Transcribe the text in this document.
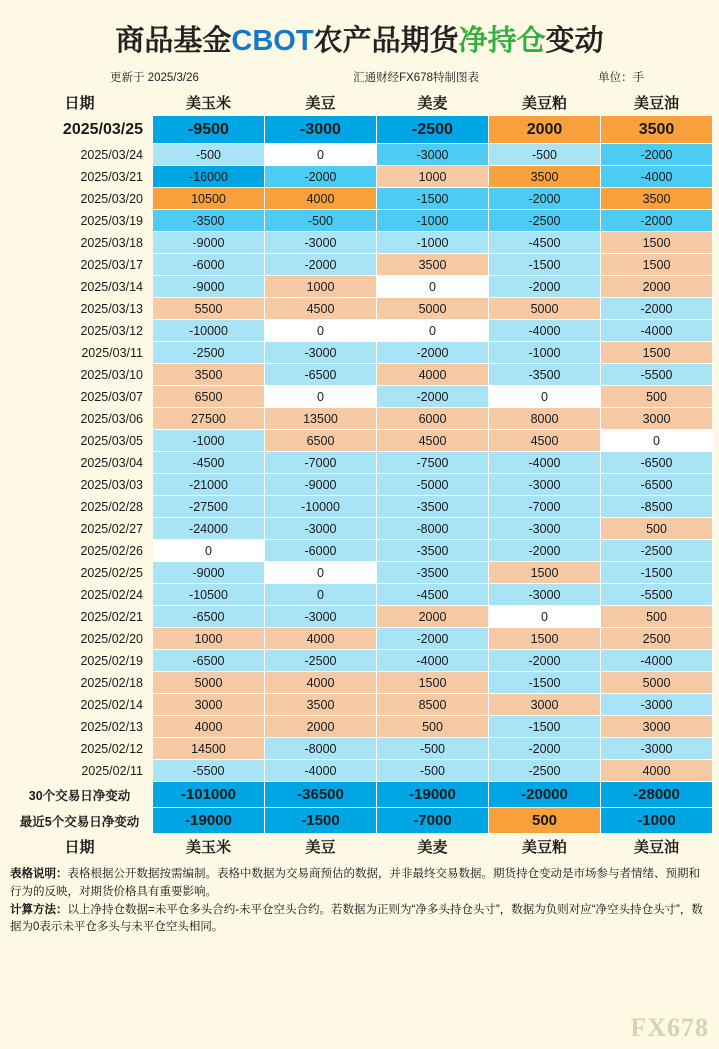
商品基金CBOT农产品期货净持仓变动
更新于 2025/3/26	汇通财经FX678特制图表	单位：手
日期	美玉米	美豆	美麦	美豆粕	美豆油
2025/03/25	-9500	-3000	-2500	2000	3500
2025/03/24	-500	0	-3000	-500	-2000
2025/03/21	-16000	-2000	1000	3500	-4000
2025/03/20	10500	4000	-1500	-2000	3500
2025/03/19	-3500	-500	-1000	-2500	-2000
2025/03/18	-9000	-3000	-1000	-4500	1500
2025/03/17	-6000	-2000	3500	-1500	1500
2025/03/14	-9000	1000	0	-2000	2000
2025/03/13	5500	4500	5000	5000	-2000
2025/03/12	-10000	0	0	-4000	-4000
2025/03/11	-2500	-3000	-2000	-1000	1500
2025/03/10	3500	-6500	4000	-3500	-5500
2025/03/07	6500	0	-2000	0	500
2025/03/06	27500	13500	6000	8000	3000
2025/03/05	-1000	6500	4500	4500	0
2025/03/04	-4500	-7000	-7500	-4000	-6500
2025/03/03	-21000	-9000	-5000	-3000	-6500
2025/02/28	-27500	-10000	-3500	-7000	-8500
2025/02/27	-24000	-3000	-8000	-3000	500
2025/02/26	0	-6000	-3500	-2000	-2500
2025/02/25	-9000	0	-3500	1500	-1500
2025/02/24	-10500	0	-4500	-3000	-5500
2025/02/21	-6500	-3000	2000	0	500
2025/02/20	1000	4000	-2000	1500	2500
2025/02/19	-6500	-2500	-4000	-2000	-4000
2025/02/18	5000	4000	1500	-1500	5000
2025/02/14	3000	3500	8500	3000	-3000
2025/02/13	4000	2000	500	-1500	3000
2025/02/12	14500	-8000	-500	-2000	-3000
2025/02/11	-5500	-4000	-500	-2500	4000
30个交易日净变动	-101000	-36500	-19000	-20000	-28000
最近5个交易日净变动	-19000	-1500	-7000	500	-1000
日期	美玉米	美豆	美麦	美豆粕	美豆油

表格说明：表格根据公开数据按需编制。表格中数据为交易商预估的数据，并非最终交易数据。期货持仓变动是市场参与者情绪、预期和行为的反映，对期货价格具有重要影响。

计算方法：以上净持仓数据=未平仓多头合约-未平仓空头合约。若数据为正则为“净多头持仓头寸”，数据为负则对应“净空头持仓头寸”，数据为0表示未平仓多头与未平仓空头相同。

FX678
